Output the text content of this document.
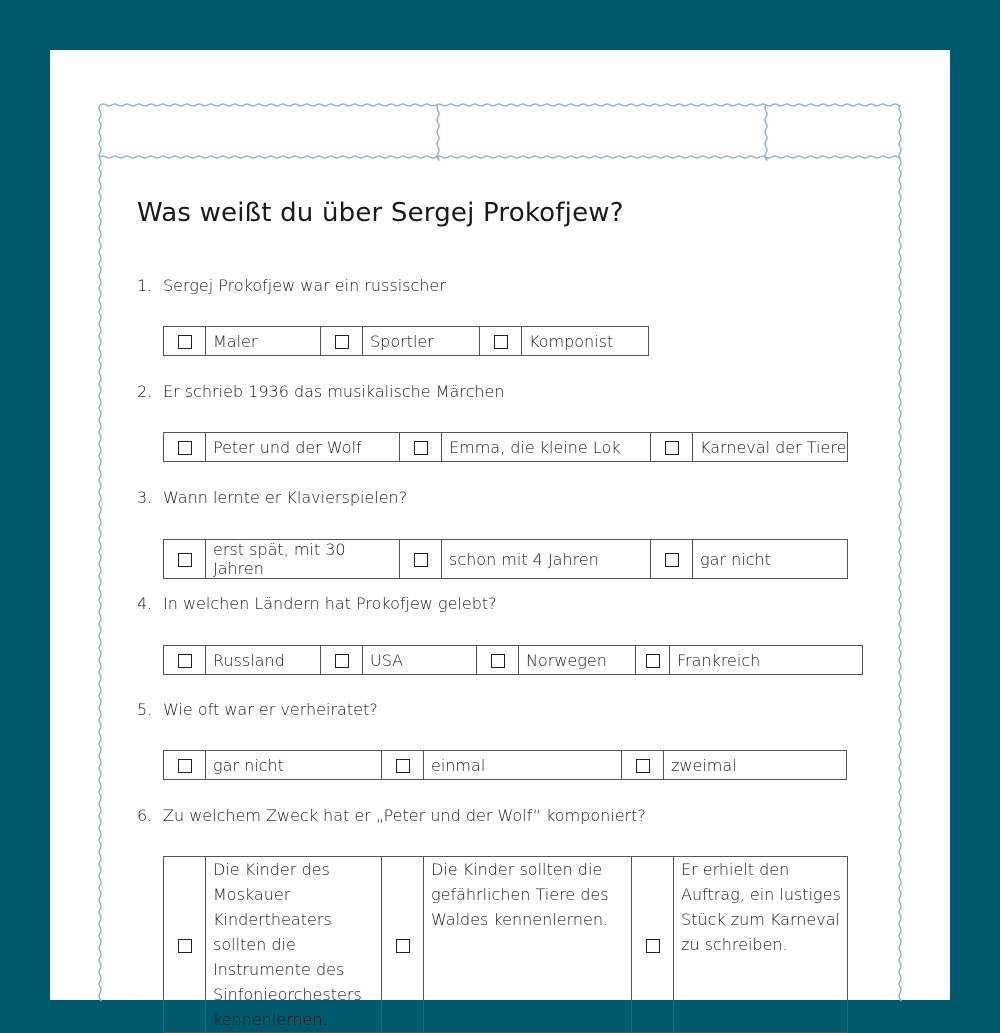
Was weißt du über Sergej Prokofjew?
1. Sergej Prokofjew war ein russischer
	Maler		Sportler		Komponist
2. Er schrieb 1936 das musikalische Märchen
	Peter und der Wolf		Emma, die kleine Lok		Karneval der Tiere
3. Wann lernte er Klavierspielen?
	erst spät, mit 30 Jahren		schon mit 4 Jahren		gar nicht
4. In welchen Ländern hat Prokofjew gelebt?
	Russland		USA		Norwegen		Frankreich
5. Wie oft war er verheiratet?
	gar nicht		einmal		zweimal
6. Zu welchem Zweck hat er „Peter und der Wolf“ komponiert?
	Die Kinder des Moskauer Kindertheaters sollten die Instrumente des Sinfonieorchesters kennenlernen.		Die Kinder sollten die gefährlichen Tiere des Waldes kennenlernen.		Er erhielt den Auftrag, ein lustiges Stück zum Karneval zu schreiben.
